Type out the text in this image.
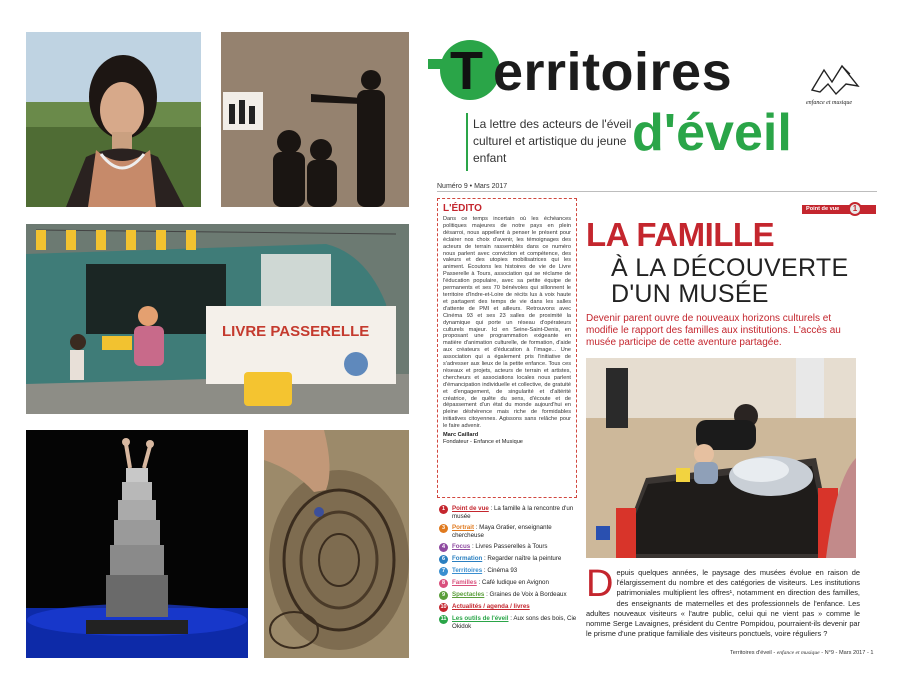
LIVRE PASSERELLE
T erritoires
La lettre des acteurs de l'éveil culturel et artistique du jeune enfant	d'éveil
enfance et musique
Numéro 9 • Mars 2017
L'ÉDITO
Dans ce temps incertain où les échéances politiques majeures de notre pays en plein désarroi, nous appellent à penser le présent pour éclairer nos choix d'avenir, les témoignages des acteurs de terrain rassemblés dans ce numéro nous parlent avec conviction et compétence, des valeurs et des utopies mobilisatrices qui les animent. Écoutons les histoires de vie de Livre Passerelle à Tours, association qui se réclame de l'éducation populaire, avec sa petite équipe de permanents et ses 70 bénévoles qui sillonnent le territoire d'Indre-et-Loire de récits lus à voix haute et partagent des temps de vie dans les salles d'attente de PMI et ailleurs. Retrouvons avec Cinéma 93 et ses 23 salles de proximité la dynamique qui porte un réseau d'opérateurs culturels majeur. Ici en Seine-Saint-Denis, en proposant une programmation exigeante en matière d'animation culturelle, de formation, d'aide aux créateurs et d'éducation à l'image... Une association qui a également pris l'initiative de s'adresser aux lieux de la petite enfance. Tous ces réseaux et projets, acteurs de terrain et artistes, chercheurs et associations locales nous parlent d'émancipation individuelle et collective, de gratuité et d'engagement, de singularité et d'altérité créatrice, de quête du sens, d'écoute et de dépassement d'un état du monde aujourd'hui en pleine déshérence mais riche de formidables initiatives citoyennes. Agissons sans relâche pour le faire advenir.
Marc Caillard
Fondateur - Enfance et Musique
1	Point de vue : La famille à la rencontre d'un musée
3	Portrait : Maya Gratier, enseignante chercheuse
4	Focus : Livres Passerelles à Tours
6	Formation : Regarder naître la peinture
7	Territoires : Cinéma 93
8	Familles : Café ludique en Avignon
9	Spectacles : Graines de Voix à Bordeaux
10 Actualités / agenda / livres
11 Les outils de l'éveil : Aux sons des bois, Cie Okidok
Point de vue	1
LA FAMILLE
À LA DÉCOUVERTE
D'UN MUSÉE
Devenir parent ouvre de nouveaux horizons culturels et modifie le rapport des familles aux institutions. L'accès au musée participe de cette aventure partagée.
Depuis quelques années, le paysage des musées évolue en raison de l'élargissement du nombre et des catégories de visiteurs. Les institutions patrimoniales multiplient les offres¹, notamment en direction des familles, des enseignants de maternelles et des professionnels de l'enfance. Les adultes nouveaux visiteurs « l'autre public, celui qui ne vient pas » comme le nomme Serge Lavaignes, président du Centre Pompidou, pourraient-ils devenir par le prisme d'une pratique familiale des visiteurs ponctuels, voire réguliers ?
Territoires d'éveil - enfance et musique - N°9 - Mars 2017 - 1
